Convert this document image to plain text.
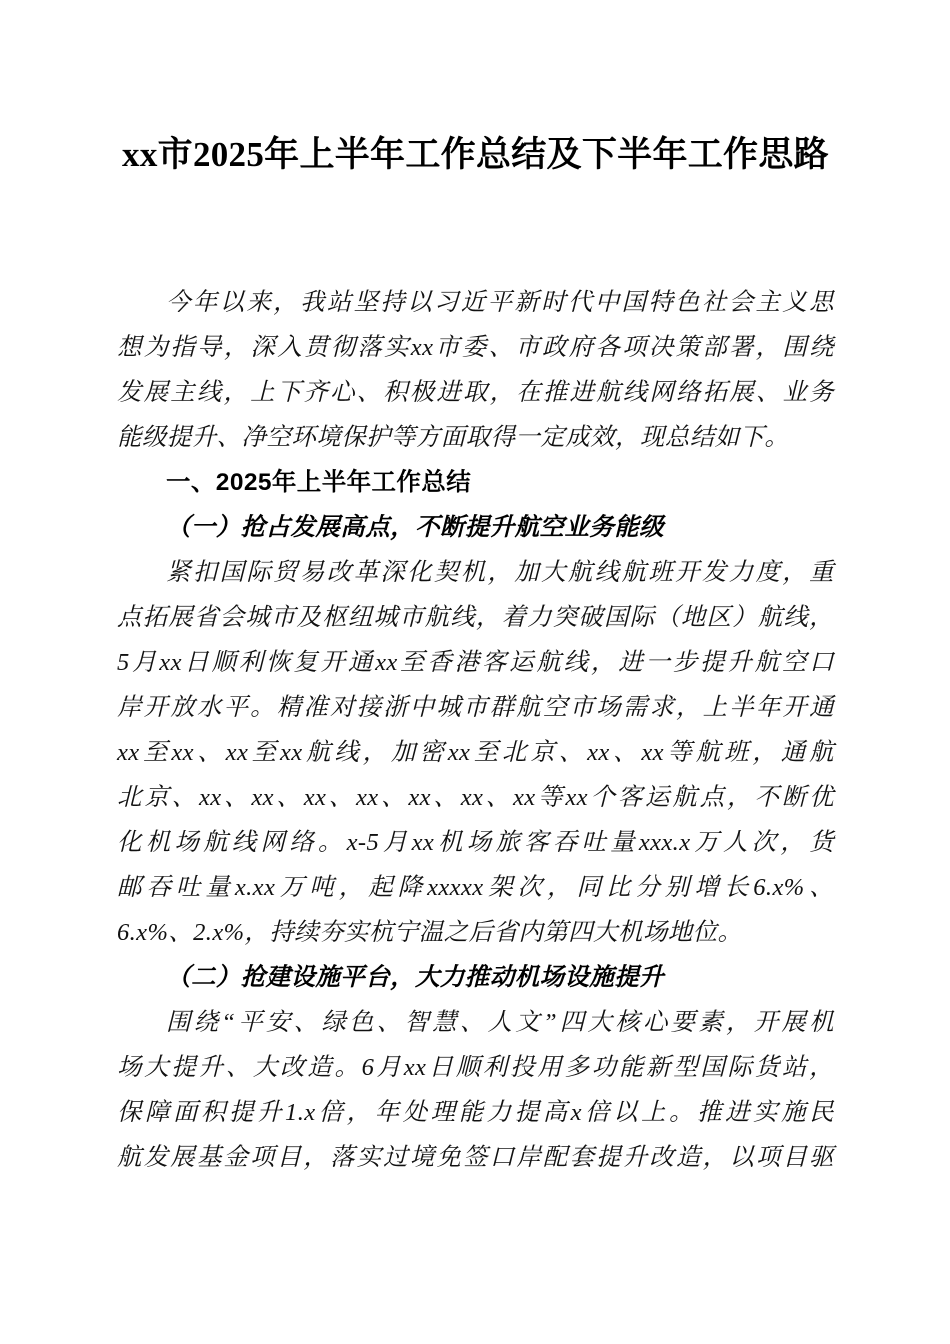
xx市2025年上半年工作总结及下半年工作思路
今年以来，我站坚持以习近平新时代中国特色社会主义思
想为指导，深入贯彻落实xx市委、市政府各项决策部署，围绕
发展主线，上下齐心、积极进取，在推进航线网络拓展、业务
能级提升、净空环境保护等方面取得一定成效，现总结如下。
一、2025年上半年工作总结
（一）抢占发展高点，不断提升航空业务能级
紧扣国际贸易改革深化契机，加大航线航班开发力度，重
点拓展省会城市及枢纽城市航线，着力突破国际（地区）航线，
5月xx日顺利恢复开通xx至香港客运航线，进一步提升航空口
岸开放水平。精准对接浙中城市群航空市场需求，上半年开通
xx至xx、xx至xx航线，加密xx至北京、xx、xx等航班，通航
北京、xx、xx、xx、xx、xx、xx、xx等xx个客运航点，不断优
化机场航线网络。x-5月xx机场旅客吞吐量xxx.x万人次，货
邮吞吐量x.xx万吨，起降xxxxx架次，同比分别增长6.x%、
6.x%、2.x%，持续夯实杭宁温之后省内第四大机场地位。
（二）抢建设施平台，大力推动机场设施提升
围绕“平安、绿色、智慧、人文”四大核心要素，开展机
场大提升、大改造。6月xx日顺利投用多功能新型国际货站，
保障面积提升1.x倍，年处理能力提高x倍以上。推进实施民
航发展基金项目，落实过境免签口岸配套提升改造，以项目驱
